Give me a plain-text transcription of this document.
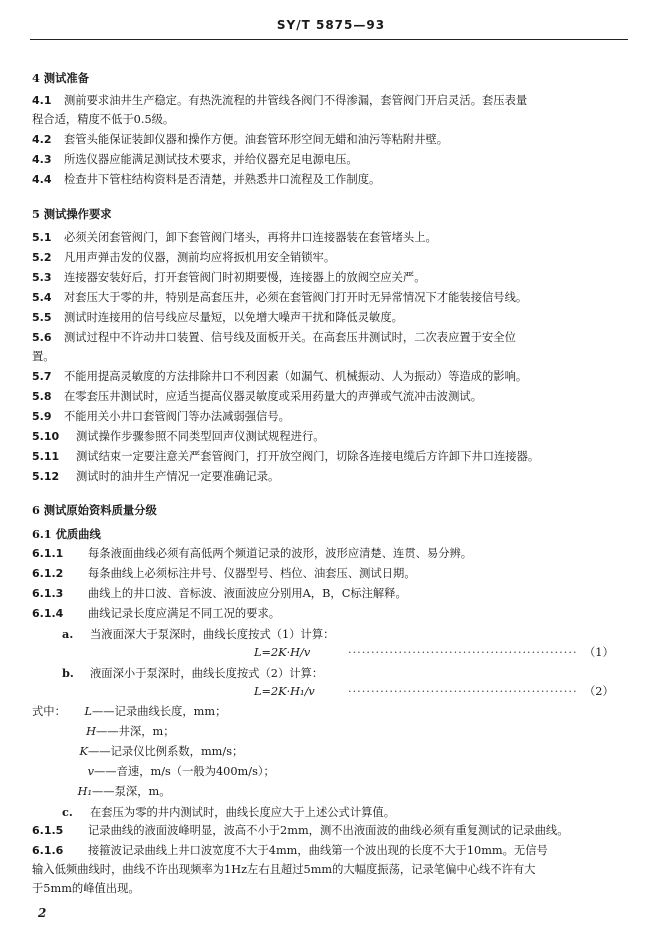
SY/T 5875—93
4 测试准备
4.1 测前要求油井生产稳定。有热洗流程的井管线各阀门不得渗漏，套管阀门开启灵活。套压表量
程合适，精度不低于0.5级。
4.2 套管头能保证装卸仪器和操作方便。油套管环形空间无蜡和油污等粘附井壁。
4.3 所选仪器应能满足测试技术要求，并给仪器充足电源电压。
4.4 检查井下管柱结构资料是否清楚，并熟悉井口流程及工作制度。
5 测试操作要求
5.1 必须关闭套管阀门，卸下套管阀门堵头，再将井口连接器装在套管堵头上。
5.2 凡用声弹击发的仪器，测前均应将扳机用安全销锁牢。
5.3 连接器安装好后，打开套管阀门时初期要慢，连接器上的放阀空应关严。
5.4 对套压大于零的井，特别是高套压井，必须在套管阀门打开时无异常情况下才能装接信号线。
5.5 测试时连接用的信号线应尽量短，以免增大噪声干扰和降低灵敏度。
5.6 测试过程中不许动井口装置、信号线及面板开关。在高套压井测试时，二次表应置于安全位
置。
5.7 不能用提高灵敏度的方法排除井口不利因素（如漏气、机械振动、人为振动）等造成的影响。
5.8 在零套压井测试时，应适当提高仪器灵敏度或采用药量大的声弹或气流冲击波测试。
5.9 不能用关小井口套管阀门等办法减弱强信号。
5.10 测试操作步骤参照不同类型回声仪测试规程进行。
5.11 测试结束一定要注意关严套管阀门，打开放空阀门，切除各连接电缆后方许卸下井口连接器。
5.12 测试时的油井生产情况一定要准确记录。
6 测试原始资料质量分级
6.1 优质曲线
6.1.1 每条液面曲线必须有高低两个频道记录的波形，波形应清楚、连贯、易分辨。
6.1.2 每条曲线上必须标注井号、仪器型号、档位、油套压、测试日期。
6.1.3 曲线上的井口波、音标波、液面波应分别用A，B，C标注解释。
6.1.4 曲线记录长度应满足不同工况的要求。
a. 当液面深大于泵深时，曲线长度按式（1）计算：
L=2K·H/v	·················································· （1）
b. 液面深小于泵深时，曲线长度按式（2）计算：
L=2K·H₁/v	·················································· （2）
式中：	L——记录曲线长度，mm；
H——井深，m；
K——记录仪比例系数，mm/s；
v——音速，m/s（一般为400m/s）；
H₁——泵深，m。
c. 在套压为零的井内测试时，曲线长度应大于上述公式计算值。
6.1.5 记录曲线的液面波峰明显，波高不小于2mm，测不出液面波的曲线必须有重复测试的记录曲线。
6.1.6 接箍波记录曲线上井口波宽度不大于4mm，曲线第一个波出现的长度不大于10mm。无信号
输入低频曲线时，曲线不许出现频率为1Hz左右且超过5mm的大幅度振荡，记录笔偏中心线不许有大
于5mm的峰值出现。
2
